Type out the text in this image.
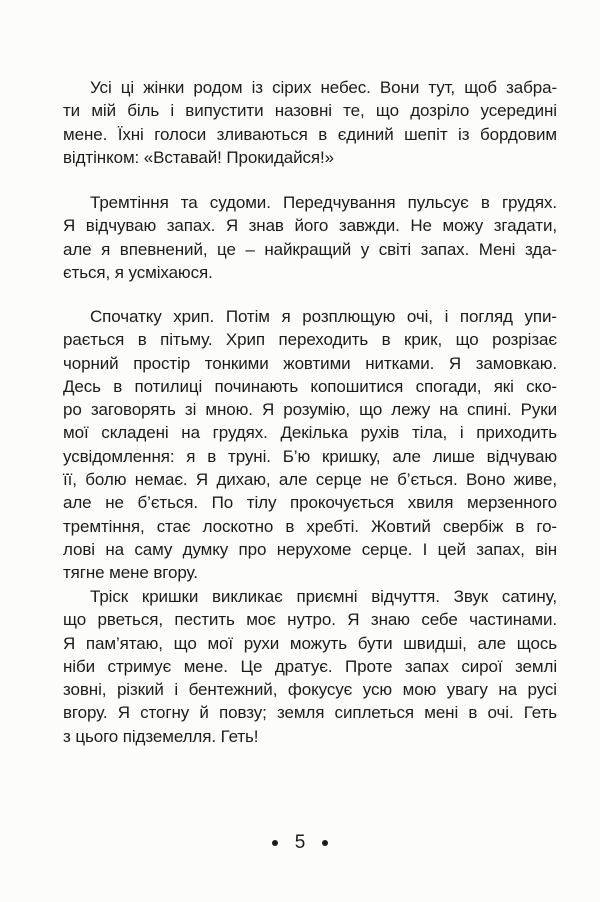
Усі ці жінки родом із сірих небес. Вони тут, щоб забра-
ти мій біль і випустити назовні те, що дозріло усередині
мене. Їхні голоси зливаються в єдиний шепіт із бордовим
відтінком: «Вставай! Прокидайся!»
Тремтіння та судоми. Передчування пульсує в грудях.
Я відчуваю запах. Я знав його завжди. Не можу згадати,
але я впевнений, це – найкращий у світі запах. Мені зда-
ється, я усміхаюся.
Спочатку хрип. Потім я розплющую очі, і погляд упи-
рається в пітьму. Хрип переходить в крик, що розрізає
чорний простір тонкими жовтими нитками. Я замовкаю.
Десь в потилиці починають копошитися спогади, які ско-
ро заговорять зі мною. Я розумію, що лежу на спині. Руки
мої складені на грудях. Декілька рухів тіла, і приходить
усвідомлення: я в труні. Б’ю кришку, але лише відчуваю
її, болю немає. Я дихаю, але серце не б’ється. Воно живе,
але не б’ється. По тілу прокочується хвиля мерзенного
тремтіння, стає лоскотно в хребті. Жовтий свербіж в го-
лові на саму думку про нерухоме серце. І цей запах, він
тягне мене вгору.
Тріск кришки викликає приємні відчуття. Звук сатину,
що рветься, пестить моє нутро. Я знаю себе частинами.
Я пам’ятаю, що мої рухи можуть бути швидші, але щось
ніби стримує мене. Це дратує. Проте запах сирої землі
зовні, різкий і бентежний, фокусує усю мою увагу на русі
вгору. Я стогну й повзу; земля сиплеться мені в очі. Геть
з цього підземелля. Геть!
5
